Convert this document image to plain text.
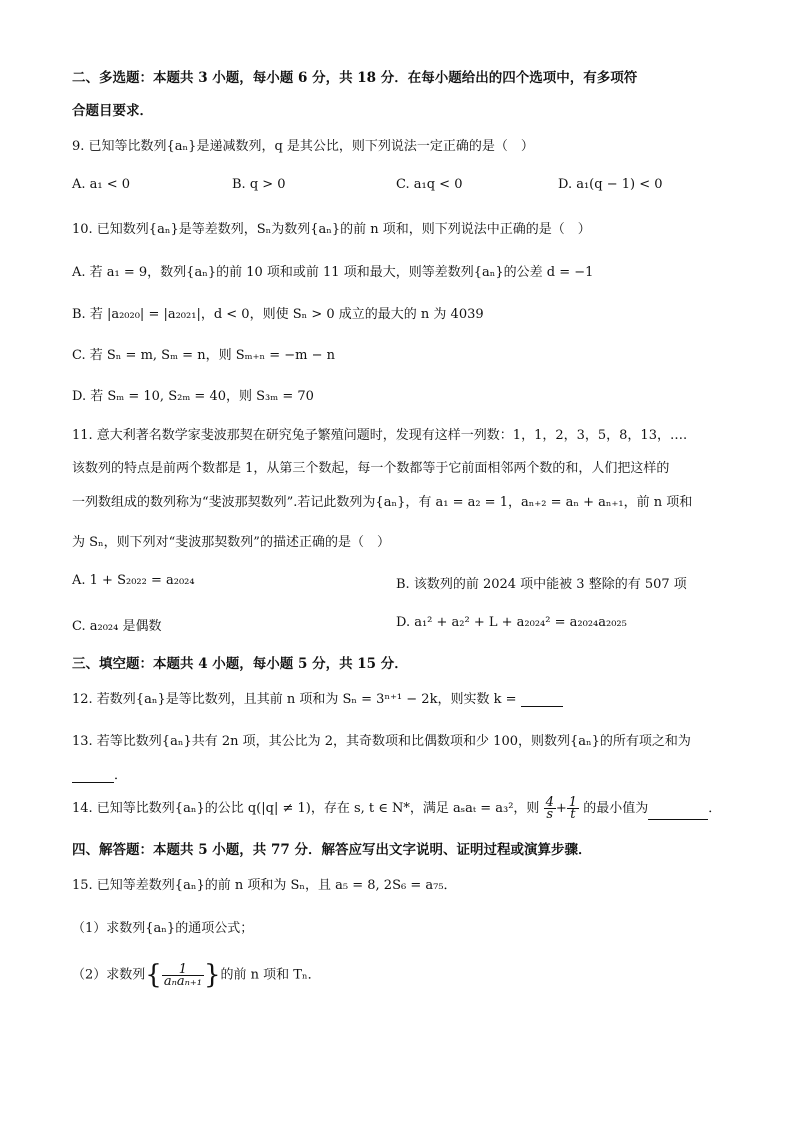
二、多选题：本题共 3 小题，每小题 6 分，共 18 分．在每小题给出的四个选项中，有多项符
合题目要求．
9. 已知等比数列{aₙ}是递减数列，q 是其公比，则下列说法一定正确的是（　）
A. a₁ < 0	B. q > 0	C. a₁q < 0	D. a₁(q − 1) < 0
10. 已知数列{aₙ}是等差数列，Sₙ为数列{aₙ}的前 n 项和，则下列说法中正确的是（　）
A. 若 a₁ = 9，数列{aₙ}的前 10 项和或前 11 项和最大，则等差数列{aₙ}的公差 d = −1
B. 若 |a₂₀₂₀| = |a₂₀₂₁|，d < 0，则使 Sₙ > 0 成立的最大的 n 为 4039
C. 若 Sₙ = m, Sₘ = n，则 Sₘ₊ₙ = −m − n
D. 若 Sₘ = 10, S₂ₘ = 40，则 S₃ₘ = 70
11. 意大利著名数学家斐波那契在研究兔子繁殖问题时，发现有这样一列数：1，1，2，3，5，8，13，….
该数列的特点是前两个数都是 1，从第三个数起，每一个数都等于它前面相邻两个数的和，人们把这样的
一列数组成的数列称为“斐波那契数列”.若记此数列为{aₙ}，有 a₁ = a₂ = 1，aₙ₊₂ = aₙ + aₙ₊₁，前 n 项和
为 Sₙ，则下列对“斐波那契数列”的描述正确的是（　）
A. 1 + S₂₀₂₂ = a₂₀₂₄	B. 该数列的前 2024 项中能被 3 整除的有 507 项
C. a₂₀₂₄ 是偶数	D. a₁² + a₂² + L + a₂₀₂₄² = a₂₀₂₄a₂₀₂₅
三、填空题：本题共 4 小题，每小题 5 分，共 15 分．
12. 若数列{aₙ}是等比数列，且其前 n 项和为 Sₙ = 3ⁿ⁺¹ − 2k，则实数 k =
13. 若等比数列{aₙ}共有 2n 项，其公比为 2，其奇数项和比偶数项和少 100，则数列{aₙ}的所有项之和为
．
14. 已知等比数列{aₙ}的公比 q(|q| ≠ 1)，存在 s, t ∈ N*，满足 aₛaₜ = a₃²，则 $\frac{4}{s} + \frac{1}{t}$ 的最小值为	．
四、解答题：本题共 5 小题，共 77 分．解答应写出文字说明、证明过程或演算步骤．
15. 已知等差数列{aₙ}的前 n 项和为 Sₙ，且 a₅ = 8, 2S₆ = a₇₅．
（1）求数列{aₙ}的通项公式；
（2）求数列{ $\frac{1}{\text{aₙaₙ₊₁}}$ }的前 n 项和 Tₙ．
